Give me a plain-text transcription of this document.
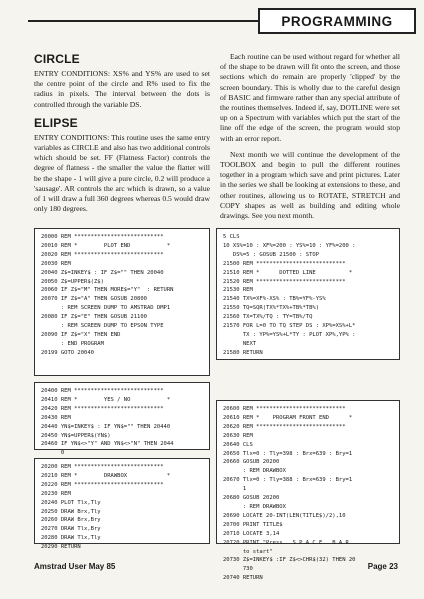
PROGRAMMING
CIRCLE

ENTRY CONDITIONS: XS% and YS% are used to set the centre point of the circle and R% used to fix the radius in pixels. The interval between the dots is controlled through the variable DS.

ELIPSE

ENTRY CONDITIONS: This routine uses the same entry variables as CIRCLE and also has two additional controls which should be set. FF (Flatness Factor) controls the degree of flatness - the smaller the value the flatter will be the shape - 1 will give a pure circle, 0.2 will produce a 'sausage'. AR controls the arc which is drawn, so a value of 1 will draw a full 360 degrees whereas 0.5 would draw only 180 degrees.

Each routine can be used without regard for whether all of the shape to be drawn will fit onto the screen, and those sections which do remain are properly 'clipped' by the screen boundary. This is wholly due to the careful design of BASIC and firmware rather than any special attribute of the routines themselves. Indeed if, say, DOTLINE were set up on a Spectrum with variables which put the start of the line off the edge of the screen, the program would stop with an error report.

Next month we will continue the development of the TOOLBOX and begin to pull the different routines together in a program which save and print pictures. Later in the series we shall be looking at extensions to these, and other routines, allowing us to ROTATE, STRETCH and COPY shapes as well as building and editing whole drawings. See you next month.

20000 REM ***************************
20010 REM *        PLOT END           *
20020 REM ***************************
20030 REM
20040 Z$=INKEY$ : IF Z$="" THEN 20040
20050 Z$=UPPER$(Z$)
20060 IF Z$="M" THEN MORE$="Y"  : RETURN
20070 IF Z$="A" THEN GOSUB 20800
: REM SCREEN DUMP TO AMSTRAD DMP1
20080 IF Z$="E" THEN GOSUB 21100
: REM SCREEN DUMP TO EPSON TYPE
20090 IF Z$="X" THEN END
: END PROGRAM
20199 GOTO 20040
20400 REM ***************************
20410 REM *        YES / NO           *
20420 REM ***************************
20430 REM
20440 YN$=INKEY$ : IF YN$="" THEN 20440
20450 YN$=UPPER$(YN$)
20460 IF YN$<>"Y" AND YN$<>"N" THEN 2044
0

20200 REM ***************************
20210 REM *        DRAWBOX            *
20220 REM ***************************
20230 REM
20240 PLOT Tlx,Tly
20250 DRAW Brx,Tly
20260 DRAW Brx,Bry
20270 DRAW Tlx,Bry
20280 DRAW Tlx,Tly
20290 RETURN
5 CLS
10 XS%=10 : XF%=200 : YS%=10 : YF%=200 :
DS%=5 : GOSUB 21500 : STOP
21500 REM ***************************
21510 REM *      DOTTED LINE          *
21520 REM ***************************
21530 REM
21540 TX%=XF%-XS% : TB%=YF%-YS%
21550 TQ=SQR(TX%*TX%+TB%*TB%)
21560 TX=TX%/TQ : TY=TB%/TQ
21570 FOR L=0 TO TQ STEP DS : XP%=XS%+L*
TX : YP%=YS%+L*TY : PLOT XP%,YP% :
NEXT
21580 RETURN
20600 REM ***************************
20610 REM *    PROGRAM FRONT END      *
20620 REM ***************************
20630 REM
20640 CLS
20650 Tlx=0 : Tly=398 : Brx=639 : Bry=1
20660 GOSUB 20200
: REM DRAWBOX
20670 Tlx=0 : Tly=388 : Brx=639 : Bry=1
1
20680 GOSUB 20200
: REM DRAWBOX
20690 LOCATE 20-INT(LEN(TITLE$)/2),10
20700 PRINT TITLE$
20710 LOCATE 3,14
20720 PRINT "Press   S P A C E   B A R
to start"
20730 Z$=INKEY$ :IF Z$<>CHR$(32) THEN 20
730
20740 RETURN
Amstrad User May 85	Page 23
